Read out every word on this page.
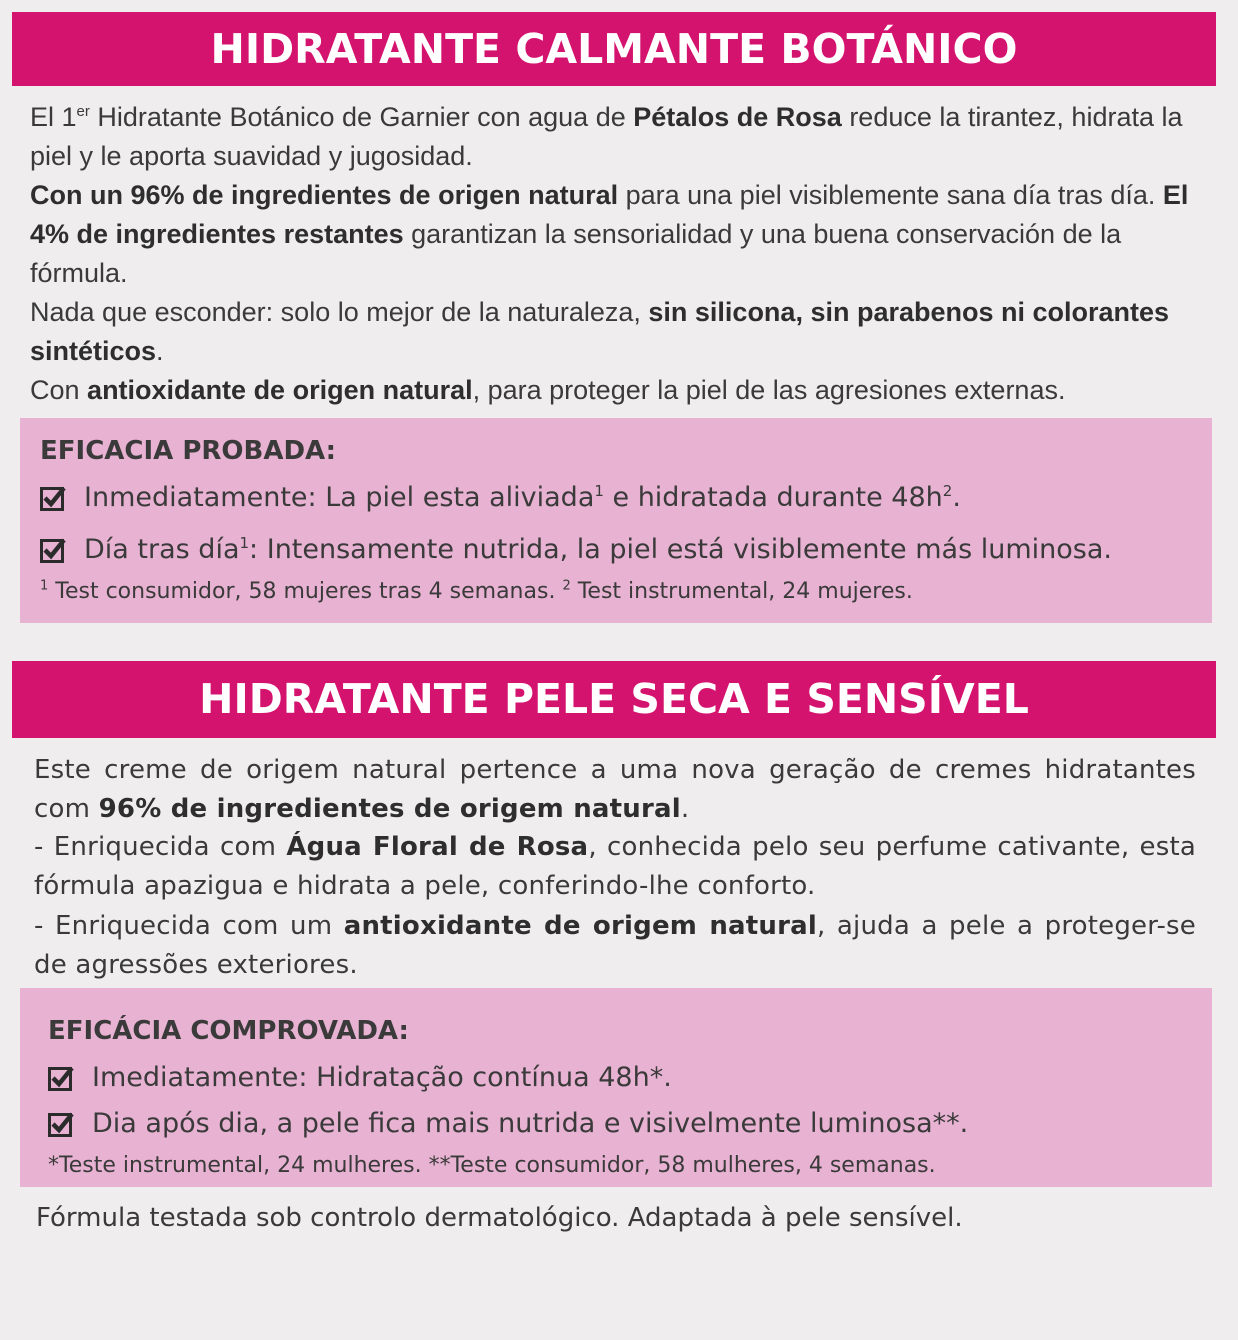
HIDRATANTE CALMANTE BOTÁNICO

El 1er Hidratante Botánico de Garnier con agua de Pétalos de Rosa reduce la tirantez, hidrata la piel y le aporta suavidad y jugosidad.

Con un 96% de ingredientes de origen natural para una piel visiblemente sana día tras día. El 4% de ingredientes restantes garantizan la sensorialidad y una buena conservación de la fórmula.

Nada que esconder: solo lo mejor de la naturaleza, sin silicona, sin parabenos ni colorantes sintéticos.

Con antioxidante de origen natural, para proteger la piel de las agresiones externas.

EFICACIA PROBADA:
Inmediatamente: La piel esta aliviada$^1$ e hidratada durante $48h^2$.
Día tras día$^1$: Intensamente nutrida, la piel está visiblemente más luminosa.
$^1$ Test consumidor, 58 mujeres tras 4 semanas. $^2$ Test instrumental, 24 mujeres.
HIDRATANTE PELE SECA E SENSÍVEL

Este creme de origem natural pertence a uma nova geração de cremes hidratantes com 96% de ingredientes de origem natural.

- Enriquecida com Água Floral de Rosa, conhecida pelo seu perfume cativante, esta fórmula apazigua e hidrata a pele, conferindo-lhe conforto.

- Enriquecida com um antioxidante de origem natural, ajuda a pele a proteger-se de agressões exteriores.

EFICÁCIA COMPROVADA:
Imediatamente: Hidratação contínua 48h*.
Dia após dia, a pele fica mais nutrida e visivelmente luminosa**.
*Teste instrumental, 24 mulheres. **Teste consumidor, 58 mulheres, 4 semanas.

Fórmula testada sob controlo dermatológico. Adaptada à pele sensível.
